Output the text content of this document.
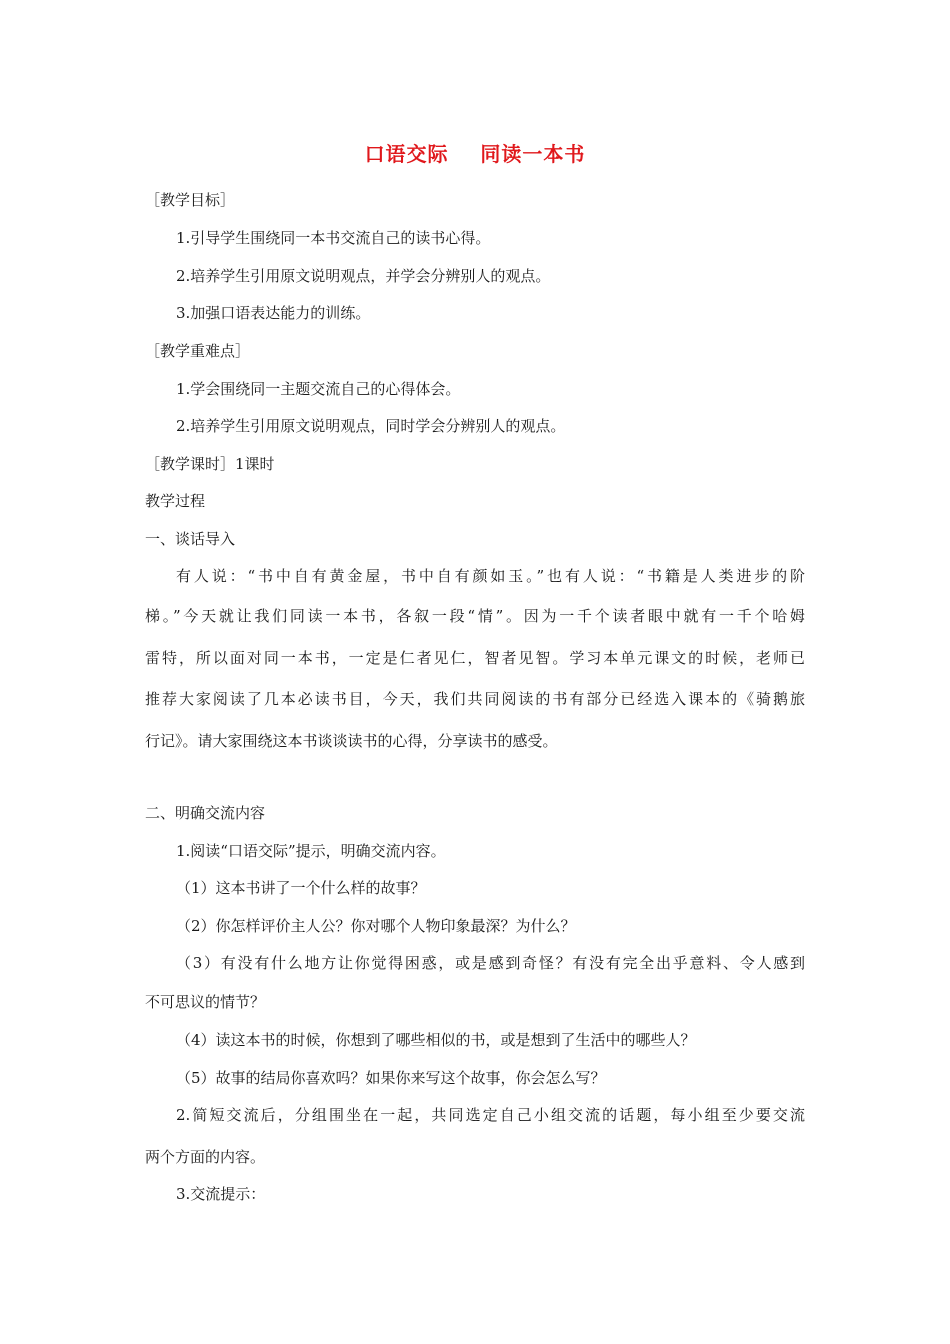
口语交际    同读一本书
［教学目标］
1.引导学生围绕同一本书交流自己的读书心得。
2.培养学生引用原文说明观点，并学会分辨别人的观点。
3.加强口语表达能力的训练。
［教学重难点］
1.学会围绕同一主题交流自己的心得体会。
2.培养学生引用原文说明观点，同时学会分辨别人的观点。
［教学课时］1课时
教学过程
一、谈话导入
有人说：“书中自有黄金屋，书中自有颜如玉。”也有人说：“书籍是人类进步的阶
梯。”今天就让我们同读一本书，各叙一段“情”。因为一千个读者眼中就有一千个哈姆
雷特，所以面对同一本书，一定是仁者见仁，智者见智。学习本单元课文的时候，老师已
推荐大家阅读了几本必读书目，今天，我们共同阅读的书有部分已经选入课本的《骑鹅旅
行记》。请大家围绕这本书谈谈读书的心得，分享读书的感受。
二、明确交流内容
1.阅读“口语交际”提示，明确交流内容。
（1）这本书讲了一个什么样的故事？
（2）你怎样评价主人公？你对哪个人物印象最深？为什么？
（3）有没有什么地方让你觉得困惑，或是感到奇怪？有没有完全出乎意料、令人感到
不可思议的情节？
（4）读这本书的时候，你想到了哪些相似的书，或是想到了生活中的哪些人？
（5）故事的结局你喜欢吗？如果你来写这个故事，你会怎么写？
2.简短交流后，分组围坐在一起，共同选定自己小组交流的话题，每小组至少要交流
两个方面的内容。
3.交流提示：
